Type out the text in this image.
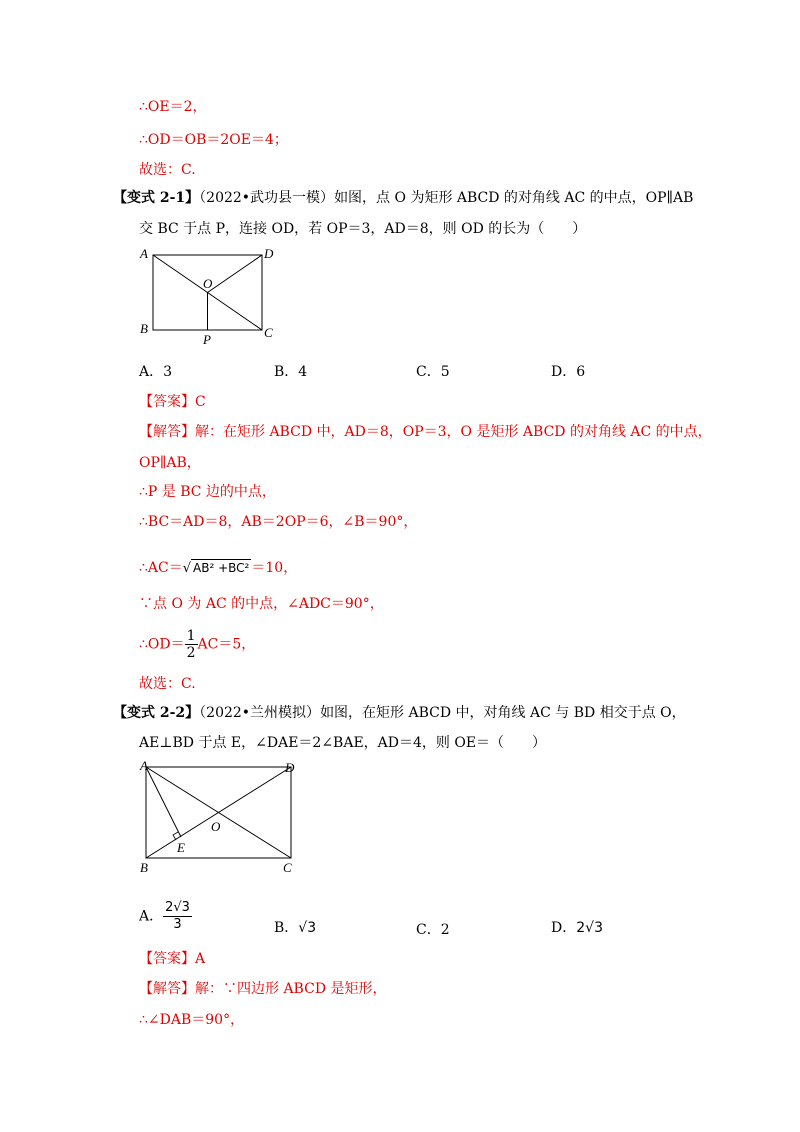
∴OE＝2，
∴OD＝OB＝2OE＝4；
故选：C.
【变式 2-1】（2022•武功县一模）如图，点 O 为矩形 ABCD 的对角线 AC 的中点，OP∥AB
交 BC 于点 P，连接 OD，若 OP＝3，AD＝8，则 OD 的长为（　　）
A	D
O
B
P	C
A．3	B．4	C．5	D．6
【答案】C
【解答】解：在矩形 ABCD 中，AD＝8，OP＝3，O 是矩形 ABCD 的对角线 AC 的中点，
OP∥AB，
∴P 是 BC 边的中点，
∴BC＝AD＝8，AB＝2OP＝6，∠B＝90°，
∴AC＝√ AB² +BC² ＝10，
∵点 O 为 AC 的中点，∠ADC＝90°，
∴OD＝ $\frac{1}{2} AC=5$，
故选：C.
【变式 2-2】（2022•兰州模拟）如图，在矩形 ABCD 中，对角线 AC 与 BD 相交于点 O，
AE⊥BD 于点 E，∠DAE＝2∠BAE，AD＝4，则 OE＝（　　）
A	D
O
E
B	C
A． $\frac{2√3}{3}$	B．√3	C．2	D．2√3
【答案】A
【解答】解：∵四边形 ABCD 是矩形，
∴∠DAB＝90°，
